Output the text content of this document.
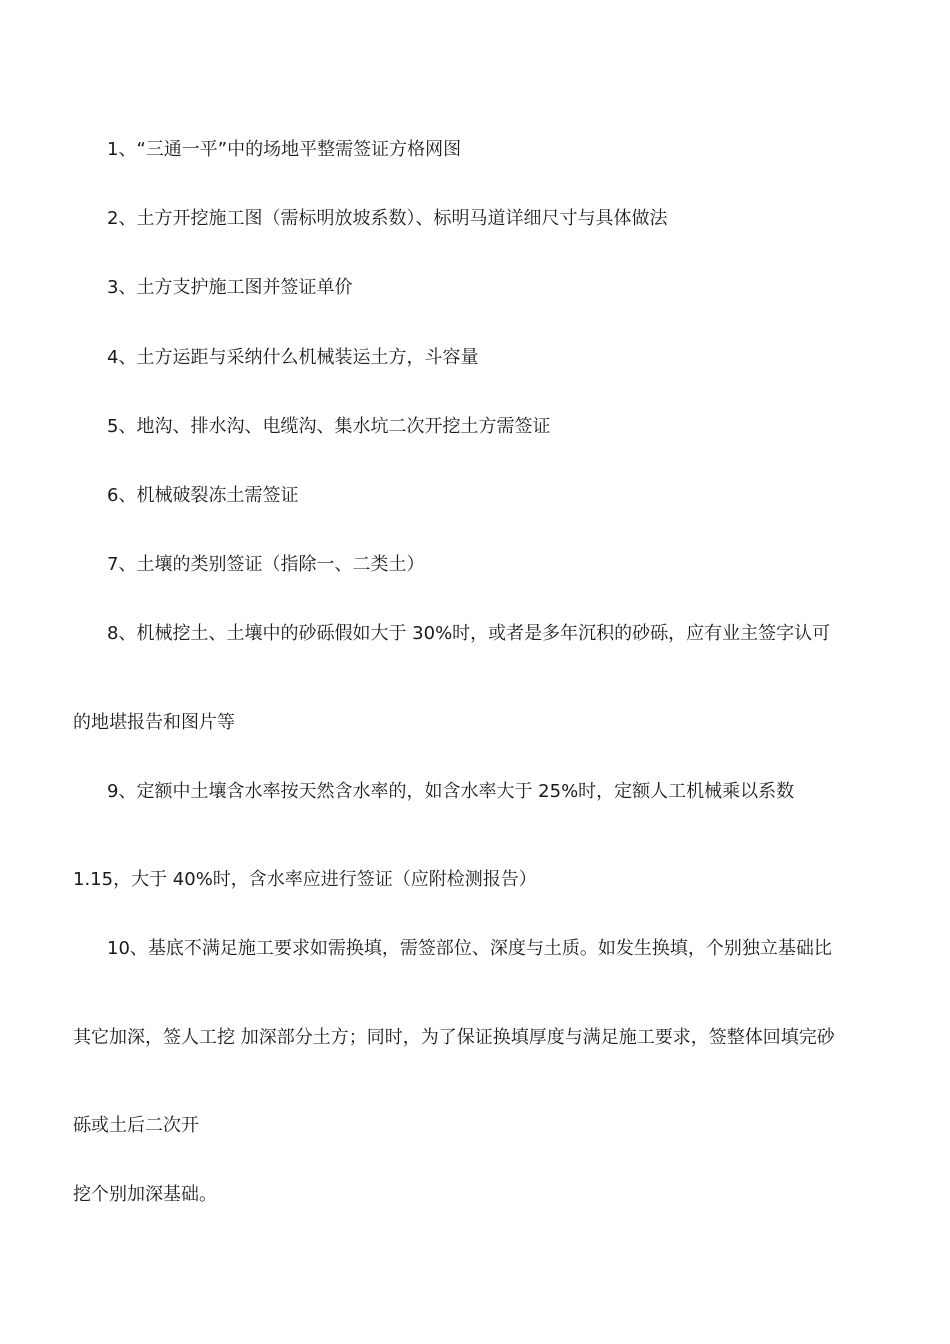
1、“三通一平”中的场地平整需签证方格网图
2、土方开挖施工图（需标明放坡系数）、标明马道详细尺寸与具体做法
3、土方支护施工图并签证单价
4、土方运距与采纳什么机械装运土方，斗容量
5、地沟、排水沟、电缆沟、集水坑二次开挖土方需签证
6、机械破裂冻土需签证
7、土壤的类别签证（指除一、二类土）
8、机械挖土、土壤中的砂砾假如大于 30%时，或者是多年沉积的砂砾，应有业主签字认可
的地堪报告和图片等
9、定额中土壤含水率按天然含水率的，如含水率大于 25%时，定额人工机械乘以系数
1.15，大于 40%时，含水率应进行签证（应附检测报告）
10、基底不满足施工要求如需换填，需签部位、深度与土质。如发生换填，个别独立基础比
其它加深，签人工挖 加深部分土方；同时，为了保证换填厚度与满足施工要求，签整体回填完砂
砾或土后二次开
挖个别加深基础。
